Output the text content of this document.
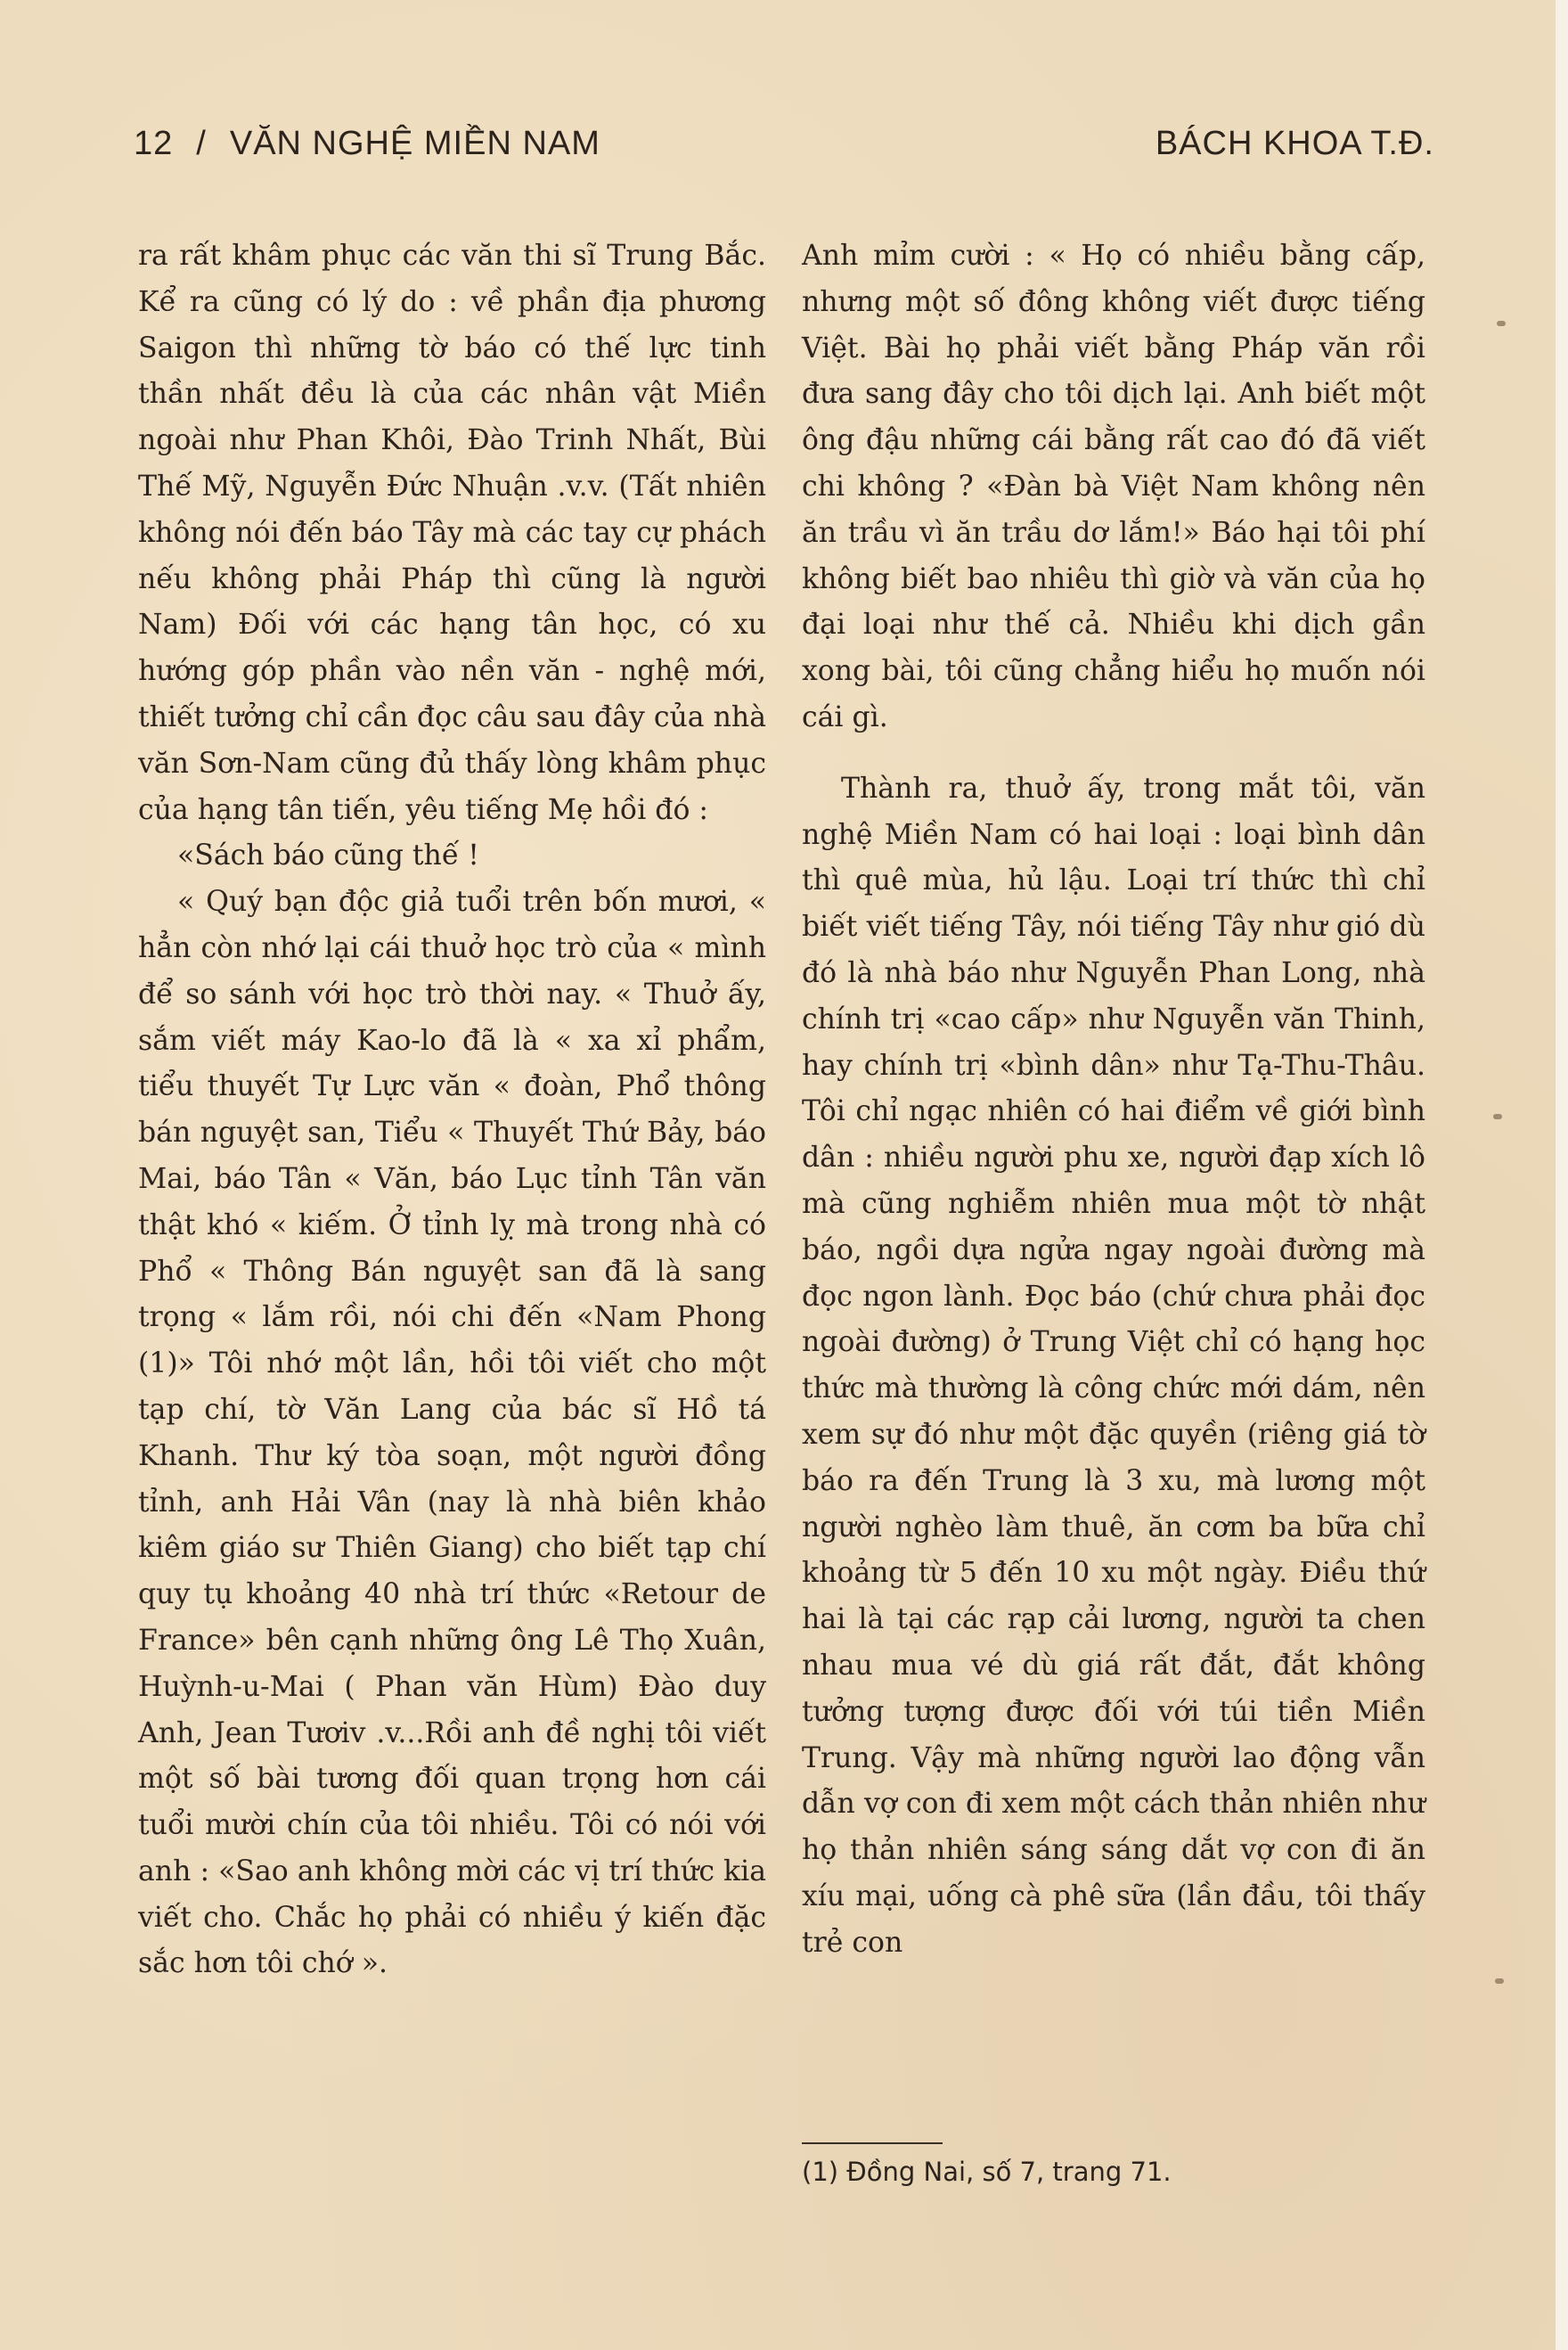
12 / VĂN NGHỆ MIỀN NAM	BÁCH KHOA T.Đ.

ra rất khâm phục các văn thi sĩ Trung Bắc. Kể ra cũng có lý do : về phần địa phương Saigon thì những tờ báo có thế lực tinh thần nhất đều là của các nhân vật Miền ngoài như Phan Khôi, Đào Trinh Nhất, Bùi Thế Mỹ, Nguyễn Đức Nhuận .v.v. (Tất nhiên không nói đến báo Tây mà các tay cự phách nếu không phải Pháp thì cũng là người Nam) Đối với các hạng tân học, có xu hướng góp phần vào nền văn - nghệ mới, thiết tưởng chỉ cần đọc câu sau đây của nhà văn Sơn-Nam cũng đủ thấy lòng khâm phục của hạng tân tiến, yêu tiếng Mẹ hồi đó :

«Sách báo cũng thế !

« Quý bạn độc giả tuổi trên bốn mươi, « hẳn còn nhớ lại cái thuở học trò của « mình để so sánh với học trò thời nay. « Thuở ấy, sắm viết máy Kao-lo đã là « xa xỉ phẩm, tiểu thuyết Tự Lực văn « đoàn, Phổ thông bán nguyệt san, Tiểu « Thuyết Thứ Bảy, báo Mai, báo Tân « Văn, báo Lục tỉnh Tân văn thật khó « kiếm. Ở tỉnh lỵ mà trong nhà có Phổ « Thông Bán nguyệt san đã là sang trọng « lắm rồi, nói chi đến «Nam Phong (1)» Tôi nhớ một lần, hồi tôi viết cho một tạp chí, tờ Văn Lang của bác sĩ Hồ tá Khanh. Thư ký tòa soạn, một người đồng tỉnh, anh Hải Vân (nay là nhà biên khảo kiêm giáo sư Thiên Giang) cho biết tạp chí quy tụ khoảng 40 nhà trí thức «Retour de France» bên cạnh những ông Lê Thọ Xuân, Huỳnh-u-Mai ( Phan văn Hùm) Đào duy Anh, Jean Tươiv .v...Rồi anh đề nghị tôi viết một số bài tương đối quan trọng hơn cái tuổi mười chín của tôi nhiều. Tôi có nói với anh : «Sao anh không mời các vị trí thức kia viết cho. Chắc họ phải có nhiều ý kiến đặc sắc hơn tôi chớ ».

Anh mỉm cười : « Họ có nhiều bằng cấp, nhưng một số đông không viết được tiếng Việt. Bài họ phải viết bằng Pháp văn rồi đưa sang đây cho tôi dịch lại. Anh biết một ông đậu những cái bằng rất cao đó đã viết chi không ? «Đàn bà Việt Nam không nên ăn trầu vì ăn trầu dơ lắm!» Báo hại tôi phí không biết bao nhiêu thì giờ và văn của họ đại loại như thế cả. Nhiều khi dịch gần xong bài, tôi cũng chẳng hiểu họ muốn nói cái gì.

Thành ra, thuở ấy, trong mắt tôi, văn nghệ Miền Nam có hai loại : loại bình dân thì quê mùa, hủ lậu. Loại trí thức thì chỉ biết viết tiếng Tây, nói tiếng Tây như gió dù đó là nhà báo như Nguyễn Phan Long, nhà chính trị «cao cấp» như Nguyễn văn Thinh, hay chính trị «bình dân» như Tạ-Thu-Thâu. Tôi chỉ ngạc nhiên có hai điểm về giới bình dân : nhiều người phu xe, người đạp xích lô mà cũng nghiễm nhiên mua một tờ nhật báo, ngồi dựa ngửa ngay ngoài đường mà đọc ngon lành. Đọc báo (chứ chưa phải đọc ngoài đường) ở Trung Việt chỉ có hạng học thức mà thường là công chức mới dám, nên xem sự đó như một đặc quyền (riêng giá tờ báo ra đến Trung là 3 xu, mà lương một người nghèo làm thuê, ăn cơm ba bữa chỉ khoảng từ 5 đến 10 xu một ngày. Điều thứ hai là tại các rạp cải lương, người ta chen nhau mua vé dù giá rất đắt, đắt không tưởng tượng được đối với túi tiền Miền Trung. Vậy mà những người lao động vẫn dẫn vợ con đi xem một cách thản nhiên như họ thản nhiên sáng sáng dắt vợ con đi ăn xíu mại, uống cà phê sữa (lần đầu, tôi thấy trẻ con

(1) Đồng Nai, số 7, trang 71.
